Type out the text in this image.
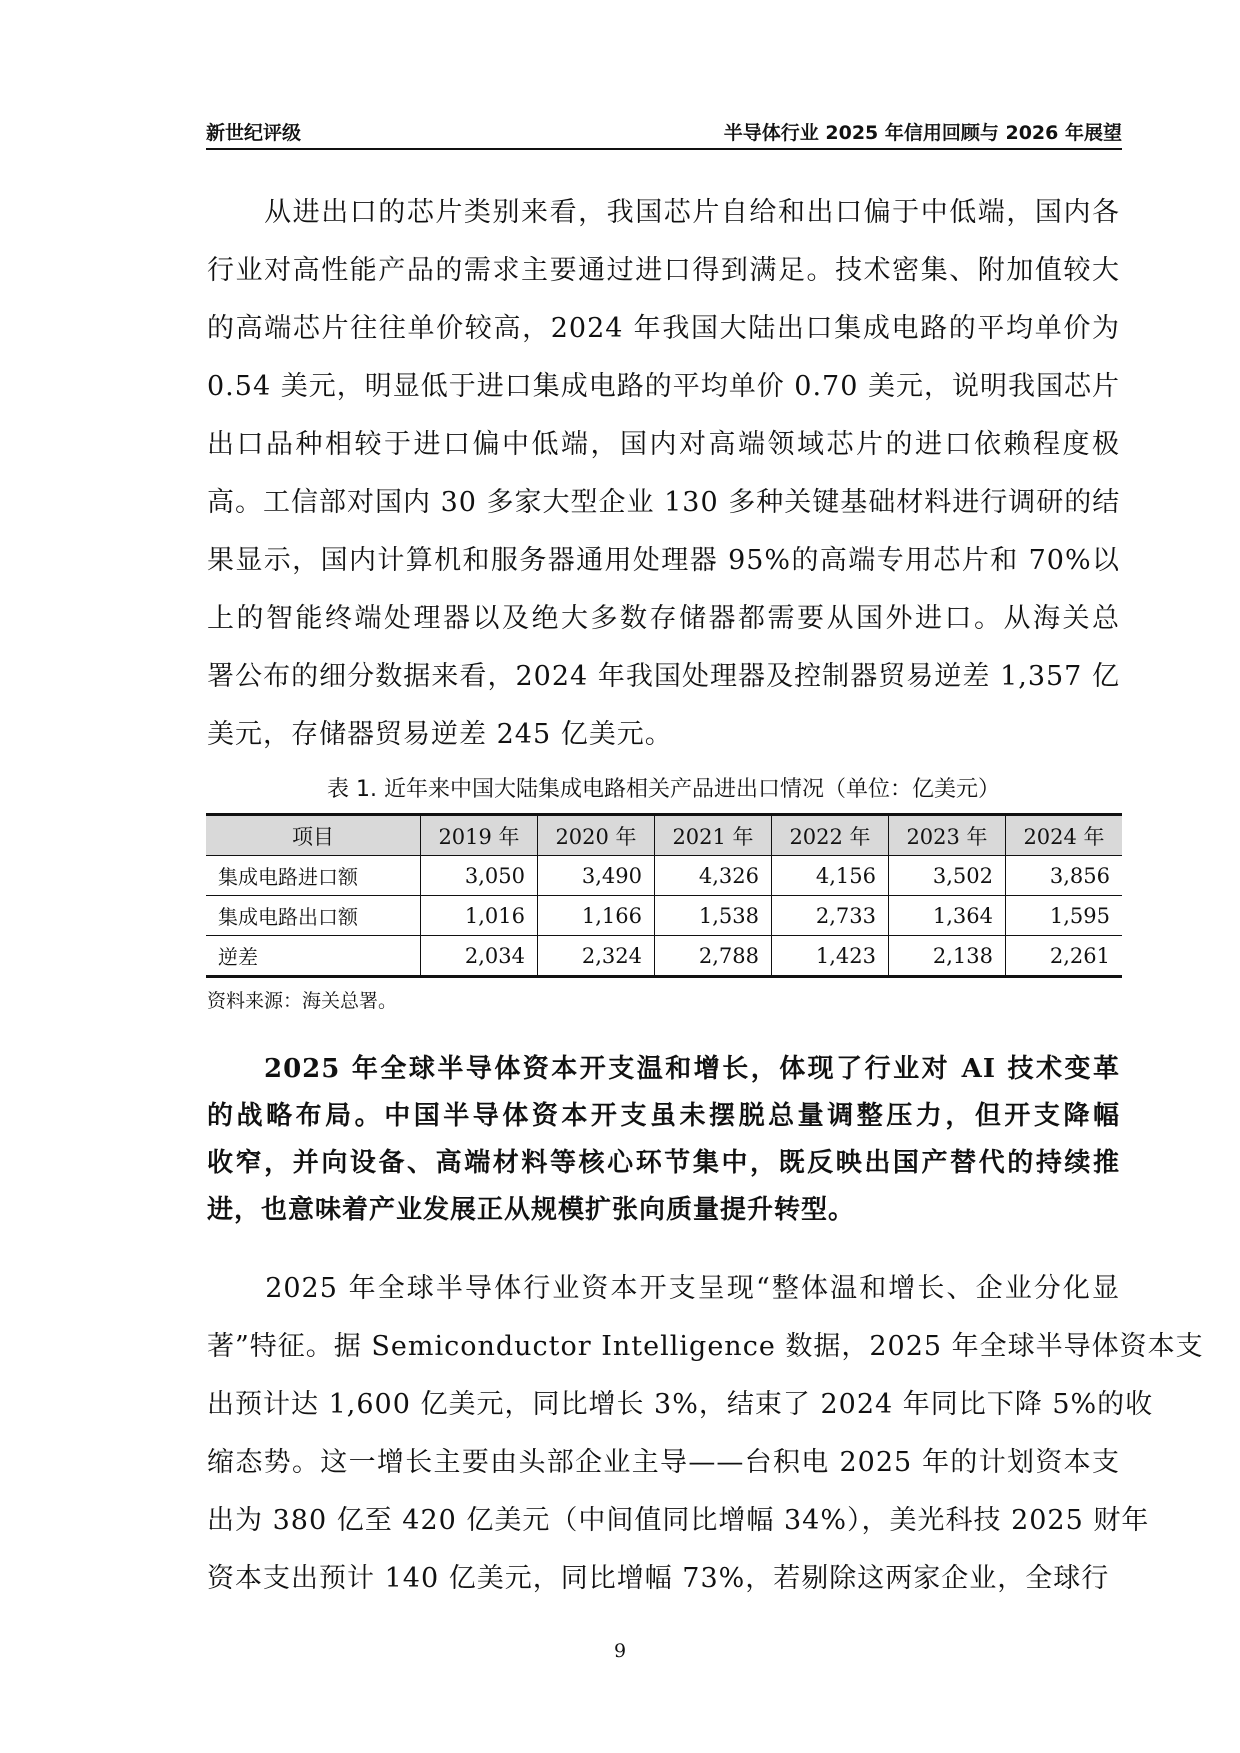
新世纪评级	半导体行业 2025 年信用回顾与 2026 年展望
　　从进出口的芯片类别来看，我国芯片自给和出口偏于中低端，国内各
行业对高性能产品的需求主要通过进口得到满足。技术密集、附加值较大
的高端芯片往往单价较高，2024 年我国大陆出口集成电路的平均单价为
0.54 美元，明显低于进口集成电路的平均单价 0.70 美元，说明我国芯片
出口品种相较于进口偏中低端，国内对高端领域芯片的进口依赖程度极
高。工信部对国内 30 多家大型企业 130 多种关键基础材料进行调研的结
果显示，国内计算机和服务器通用处理器 95%的高端专用芯片和 70%以
上的智能终端处理器以及绝大多数存储器都需要从国外进口。从海关总
署公布的细分数据来看，2024 年我国处理器及控制器贸易逆差 1,357 亿
美元，存储器贸易逆差 245 亿美元。
表 1. 近年来中国大陆集成电路相关产品进出口情况（单位：亿美元）
项目	2019 年	2020 年	2021 年	2022 年	2023 年	2024 年
集成电路进口额	3,050	3,490	4,326	4,156	3,502	3,856
集成电路出口额	1,016	1,166	1,538	2,733	1,364	1,595
逆差	2,034	2,324	2,788	1,423	2,138	2,261
资料来源：海关总署。
　　2025 年全球半导体资本开支温和增长，体现了行业对 AI 技术变革
的战略布局。中国半导体资本开支虽未摆脱总量调整压力，但开支降幅
收窄，并向设备、高端材料等核心环节集中，既反映出国产替代的持续推
进，也意味着产业发展正从规模扩张向质量提升转型。
　　2025 年全球半导体行业资本开支呈现“整体温和增长、企业分化显
著”特征。据 Semiconductor Intelligence 数据，2025 年全球半导体资本支
出预计达 1,600 亿美元，同比增长 3%，结束了 2024 年同比下降 5%的收
缩态势。这一增长主要由头部企业主导——台积电 2025 年的计划资本支
出为 380 亿至 420 亿美元（中间值同比增幅 34%），美光科技 2025 财年
资本支出预计 140 亿美元，同比增幅 73%，若剔除这两家企业，全球行
9
